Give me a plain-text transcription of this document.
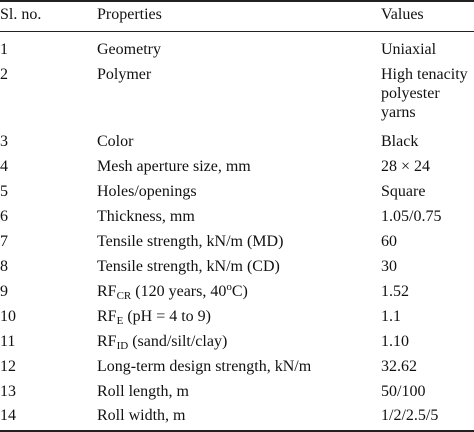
Sl. no.	Properties	Values
1	Geometry	Uniaxial
2	Polymer	High tenacity
polyester
yarns
3	Color	Black
4	Mesh aperture size, mm	28 × 24
5	Holes/openings	Square
6	Thickness, mm	1.05/0.75
7	Tensile strength, kN/m (MD)	60
8	Tensile strength, kN/m (CD)	30
9	$RF_{CR}$ (120 years, 40$^o$C)	1.52
10	$RF_E$ (pH = 4 to 9)	1.1
11	$RF_{ID}$ (sand/silt/clay)	1.10
12	Long-term design strength, kN/m	32.62
13	Roll length, m	50/100
14	Roll width, m	1/2/2.5/5
